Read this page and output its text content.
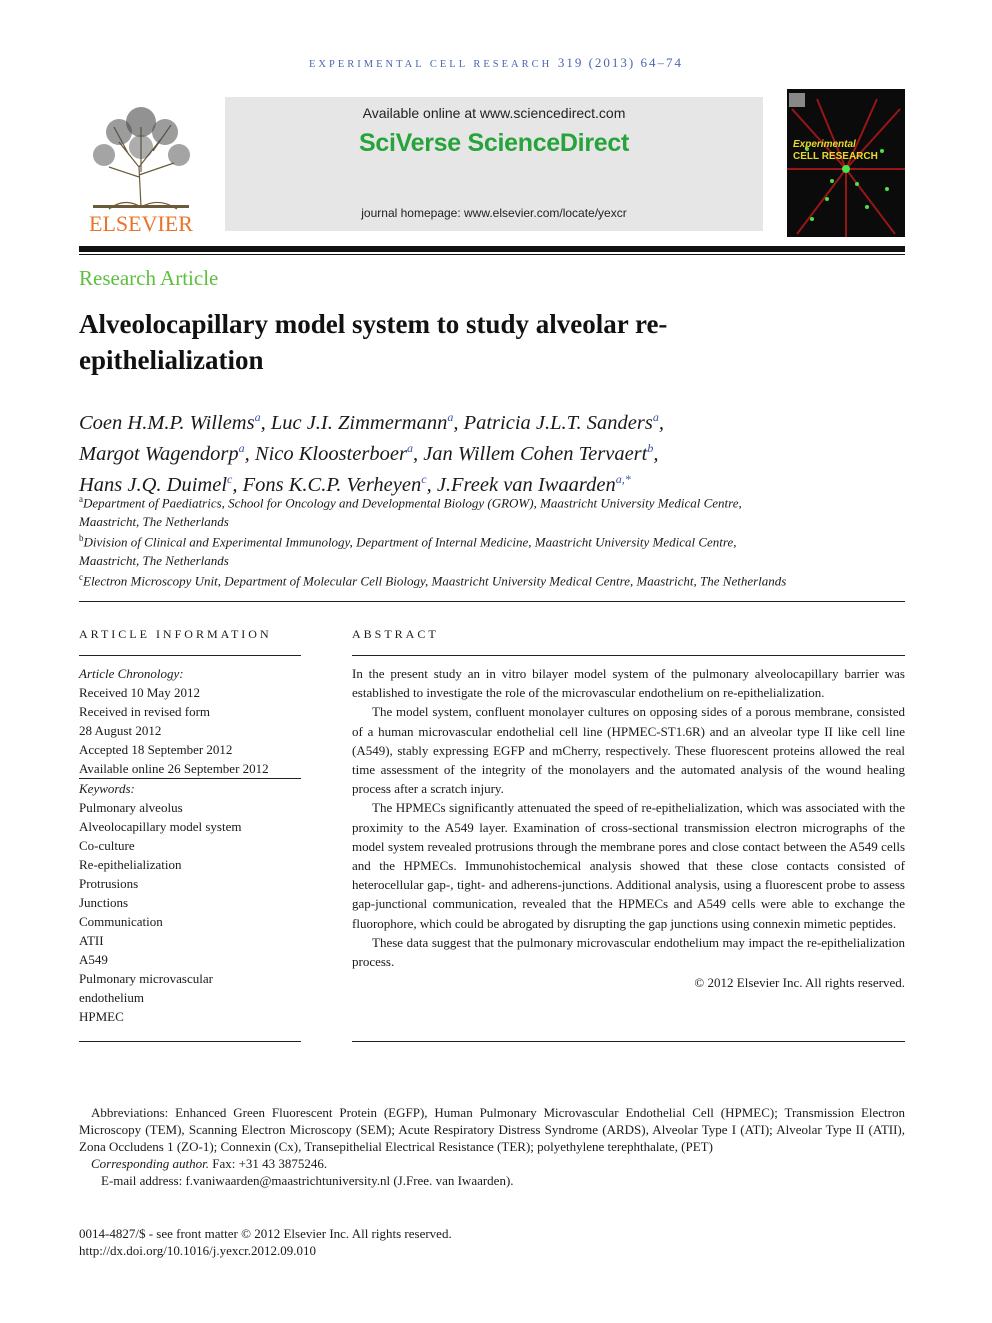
EXPERIMENTAL CELL RESEARCH 319 (2013) 64–74
ELSEVIER
Available online at www.sciencedirect.com
SciVerse ScienceDirect
journal homepage: www.elsevier.com/locate/yexcr
Experimental
CELL RESEARCH
Research Article
Alveolocapillary model system to study alveolar re-epithelialization
Coen H.M.P. Willems$^a$, Luc J.I. Zimmermann$^a$, Patricia J.L.T. Sanders$^a$,
Margot Wagendorp$^a$, Nico Kloosterboer$^a$, Jan Willem Cohen Tervaert$^b$,
Hans J.Q. Duimel$^c$, Fons K.C.P. Verheyen$^c$, J.Freek van Iwaarden$^{a,*}$
$^a$Department of Paediatrics, School for Oncology and Developmental Biology (GROW), Maastricht University Medical Centre,
Maastricht, The Netherlands
$^b$Division of Clinical and Experimental Immunology, Department of Internal Medicine, Maastricht University Medical Centre,
Maastricht, The Netherlands
$^c$Electron Microscopy Unit, Department of Molecular Cell Biology, Maastricht University Medical Centre, Maastricht, The Netherlands
ARTICLE INFORMATION
Article Chronology:
Received 10 May 2012
Received in revised form
28 August 2012
Accepted 18 September 2012
Available online 26 September 2012
Keywords:
Pulmonary alveolus
Alveolocapillary model system
Co-culture
Re-epithelialization
Protrusions
Junctions
Communication
ATII
A549
Pulmonary microvascular
endothelium
HPMEC
ABSTRACT

In the present study an in vitro bilayer model system of the pulmonary alveolocapillary barrier was established to investigate the role of the microvascular endothelium on re-epithelialization.

The model system, confluent monolayer cultures on opposing sides of a porous membrane, consisted of a human microvascular endothelial cell line (HPMEC-ST1.6R) and an alveolar type II like cell line (A549), stably expressing EGFP and mCherry, respectively. These fluorescent proteins allowed the real time assessment of the integrity of the monolayers and the automated analysis of the wound healing process after a scratch injury.

The HPMECs significantly attenuated the speed of re-epithelialization, which was associated with the proximity to the A549 layer. Examination of cross-sectional transmission electron micrographs of the model system revealed protrusions through the membrane pores and close contact between the A549 cells and the HPMECs. Immunohistochemical analysis showed that these close contacts consisted of heterocellular gap-, tight- and adherens-junctions. Additional analysis, using a fluorescent probe to assess gap-junctional communication, revealed that the HPMECs and A549 cells were able to exchange the fluorophore, which could be abrogated by disrupting the gap junctions using connexin mimetic peptides.

These data suggest that the pulmonary microvascular endothelium may impact the re-epithelialization process.

© 2012 Elsevier Inc. All rights reserved.

Abbreviations: Enhanced Green Fluorescent Protein (EGFP), Human Pulmonary Microvascular Endothelial Cell (HPMEC); Transmission Electron Microscopy (TEM), Scanning Electron Microscopy (SEM); Acute Respiratory Distress Syndrome (ARDS), Alveolar Type I (ATI); Alveolar Type II (ATII), Zona Occludens 1 (ZO-1); Connexin (Cx), Transepithelial Electrical Resistance (TER); polyethylene terephthalate, (PET)

Corresponding author. Fax: +31 43 3875246.

E-mail address: f.vaniwaarden@maastrichtuniversity.nl (J.Free. van Iwaarden).

0014-4827/$ - see front matter © 2012 Elsevier Inc. All rights reserved.
http://dx.doi.org/10.1016/j.yexcr.2012.09.010
